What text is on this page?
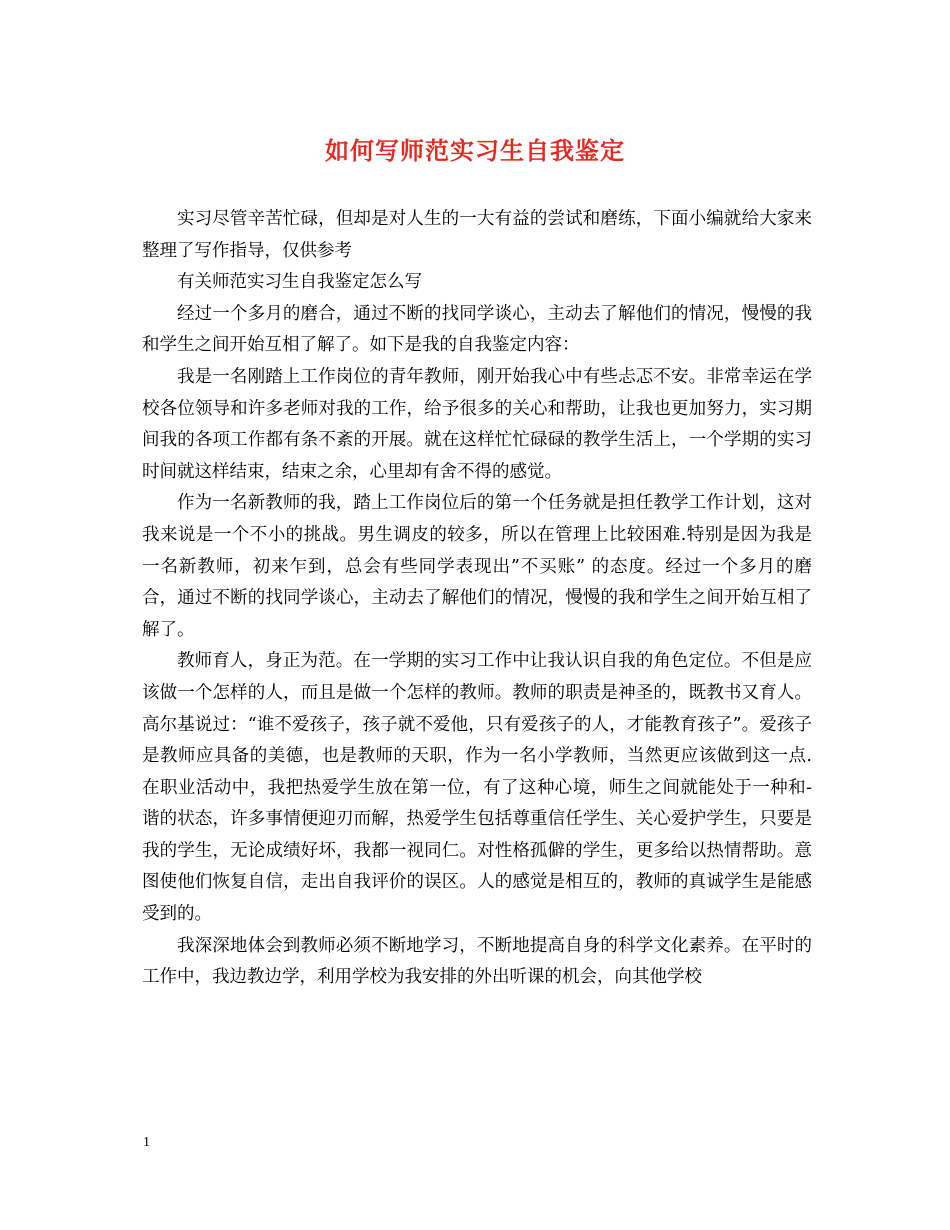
如何写师范实习生自我鉴定

实习尽管辛苦忙碌，但却是对人生的一大有益的尝试和磨练，下面小编就给大家来整理了写作指导，仅供参考

有关师范实习生自我鉴定怎么写

经过一个多月的磨合，通过不断的找同学谈心，主动去了解他们的情况，慢慢的我和学生之间开始互相了解了。如下是我的自我鉴定内容：

我是一名刚踏上工作岗位的青年教师，刚开始我心中有些忐忑不安。非常幸运在学校各位领导和许多老师对我的工作，给予很多的关心和帮助，让我也更加努力，实习期间我的各项工作都有条不紊的开展。就在这样忙忙碌碌的教学生活上，一个学期的实习时间就这样结束，结束之余，心里却有舍不得的感觉。

作为一名新教师的我，踏上工作岗位后的第一个任务就是担任教学工作计划，这对我来说是一个不小的挑战。男生调皮的较多，所以在管理上比较困难.特别是因为我是一名新教师，初来乍到，总会有些同学表现出”不买账” 的态度。经过一个多月的磨合，通过不断的找同学谈心，主动去了解他们的情况，慢慢的我和学生之间开始互相了解了。

教师育人，身正为范。在一学期的实习工作中让我认识自我的角色定位。不但是应该做一个怎样的人，而且是做一个怎样的教师。教师的职责是神圣的，既教书又育人。高尔基说过：“谁不爱孩子，孩子就不爱他，只有爱孩子的人，才能教育孩子”。爱孩子是教师应具备的美德，也是教师的天职，作为一名小学教师，当然更应该做到这一点.在职业活动中，我把热爱学生放在第一位，有了这种心境，师生之间就能处于一种和-谐的状态，许多事情便迎刃而解，热爱学生包括尊重信任学生、关心爱护学生，只要是我的学生，无论成绩好坏，我都一视同仁。对性格孤僻的学生，更多给以热情帮助。意图使他们恢复自信，走出自我评价的误区。人的感觉是相互的，教师的真诚学生是能感受到的。

我深深地体会到教师必须不断地学习，不断地提高自身的科学文化素养。在平时的工作中，我边教边学，利用学校为我安排的外出听课的机会，向其他学校

1
